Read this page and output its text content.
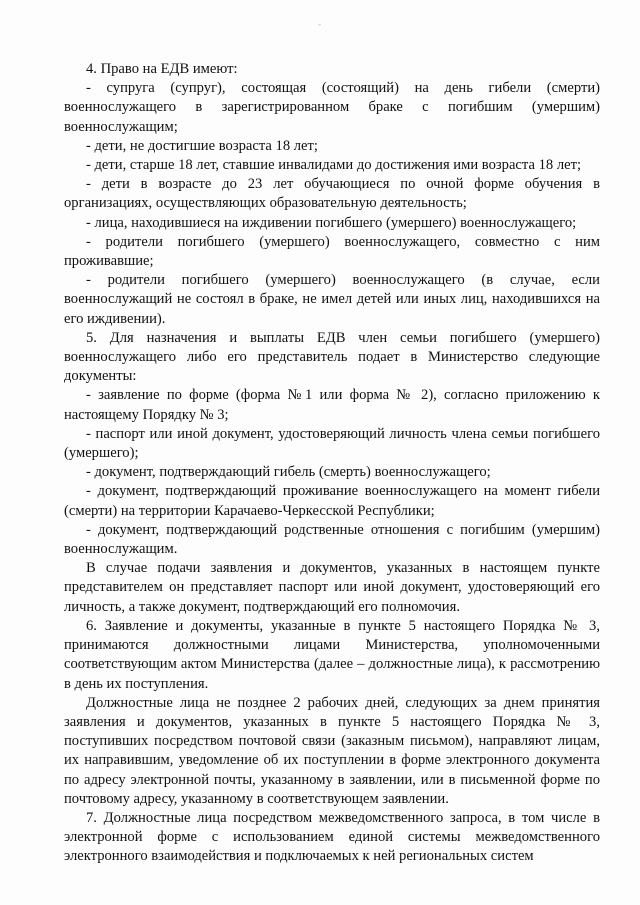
-

4. Право на ЕДВ имеют:

- супруга (супруг), состоящая (состоящий) на день гибели (смерти) военнослужащего в зарегистрированном браке с погибшим (умершим) военнослужащим;

- дети, не достигшие возраста 18 лет;

- дети, старше 18 лет, ставшие инвалидами до достижения ими возраста 18 лет;

- дети в возрасте до 23 лет обучающиеся по очной форме обучения в организациях, осуществляющих образовательную деятельность;

- лица, находившиеся на иждивении погибшего (умершего) военнослужащего;

- родители погибшего (умершего) военнослужащего, совместно с ним проживавшие;

- родители погибшего (умершего) военнослужащего (в случае, если военнослужащий не состоял в браке, не имел детей или иных лиц, находившихся на его иждивении).

5. Для назначения и выплаты ЕДВ член семьи погибшего (умершего) военнослужащего либо его представитель подает в Министерство следующие документы:

- заявление по форме (форма №1 или форма № 2), согласно приложению к настоящему Порядку № 3;

- паспорт или иной документ, удостоверяющий личность члена семьи погибшего (умершего);

- документ, подтверждающий гибель (смерть) военнослужащего;

- документ, подтверждающий проживание военнослужащего на момент гибели (смерти) на территории Карачаево-Черкесской Республики;

- документ, подтверждающий родственные отношения с погибшим (умершим) военнослужащим.

В случае подачи заявления и документов, указанных в настоящем пункте представителем он представляет паспорт или иной документ, удостоверяющий его личность, а также документ, подтверждающий его полномочия.

6. Заявление и документы, указанные в пункте 5 настоящего Порядка № 3, принимаются должностными лицами Министерства, уполномоченными соответствующим актом Министерства (далее – должностные лица), к рассмотрению в день их поступления.

Должностные лица не позднее 2 рабочих дней, следующих за днем принятия заявления и документов, указанных в пункте 5 настоящего Порядка № 3, поступивших посредством почтовой связи (заказным письмом), направляют лицам, их направившим, уведомление об их поступлении в форме электронного документа по адресу электронной почты, указанному в заявлении, или в письменной форме по почтовому адресу, указанному в соответствующем заявлении.

7. Должностные лица посредством межведомственного запроса, в том числе в электронной форме с использованием единой системы межведомственного электронного взаимодействия и подключаемых к ней региональных систем
